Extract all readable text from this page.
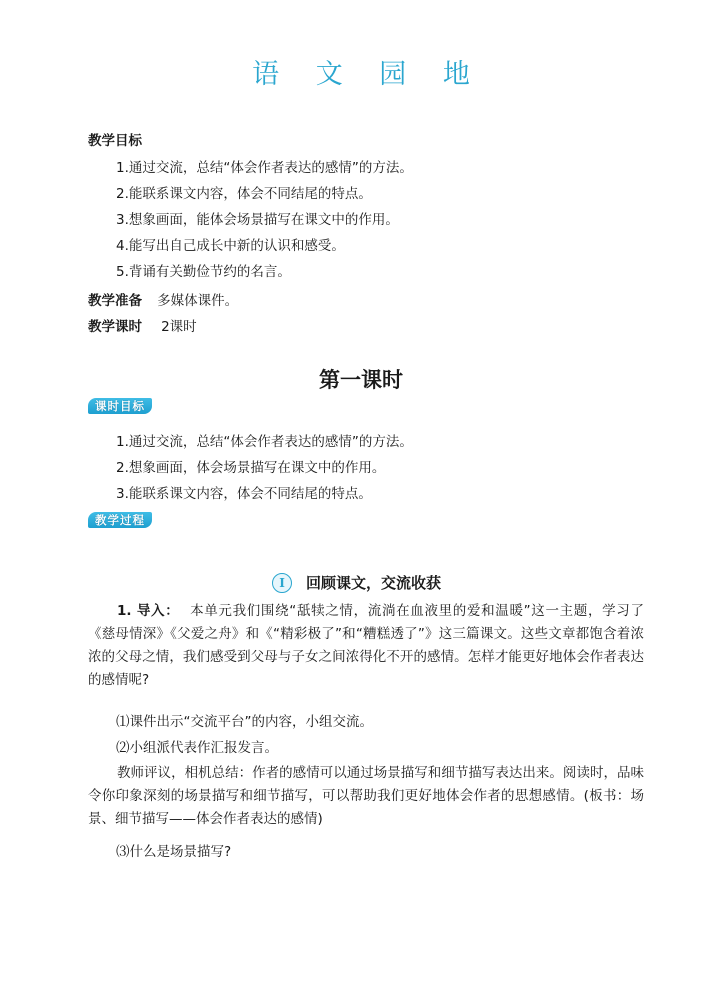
语 文 园 地
教学目标
1.通过交流，总结“体会作者表达的感情”的方法。
2.能联系课文内容，体会不同结尾的特点。
3.想象画面，能体会场景描写在课文中的作用。
4.能写出自己成长中新的认识和感受。
5.背诵有关勤俭节约的名言。
教学准备 多媒体课件。
教学课时 2课时
第一课时
课时目标
1.通过交流，总结“体会作者表达的感情”的方法。
2.想象画面，体会场景描写在课文中的作用。
3.能联系课文内容，体会不同结尾的特点。
教学过程
I	回顾课文，交流收获
1. 导入： 本单元我们围绕“舐犊之情，流淌在血液里的爱和温暖”这一主题，学习了《慈母情深》《父爱之舟》和《“精彩极了”和“糟糕透了”》这三篇课文。这些文章都饱含着浓浓的父母之情，我们感受到父母与子女之间浓得化不开的感情。怎样才能更好地体会作者表达的感情呢?
⑴课件出示“交流平台”的内容，小组交流。
⑵小组派代表作汇报发言。
教师评议，相机总结：作者的感情可以通过场景描写和细节描写表达出来。阅读时，品味令你印象深刻的场景描写和细节描写，可以帮助我们更好地体会作者的思想感情。(板书：场景、细节描写——体会作者表达的感情)
⑶什么是场景描写?
